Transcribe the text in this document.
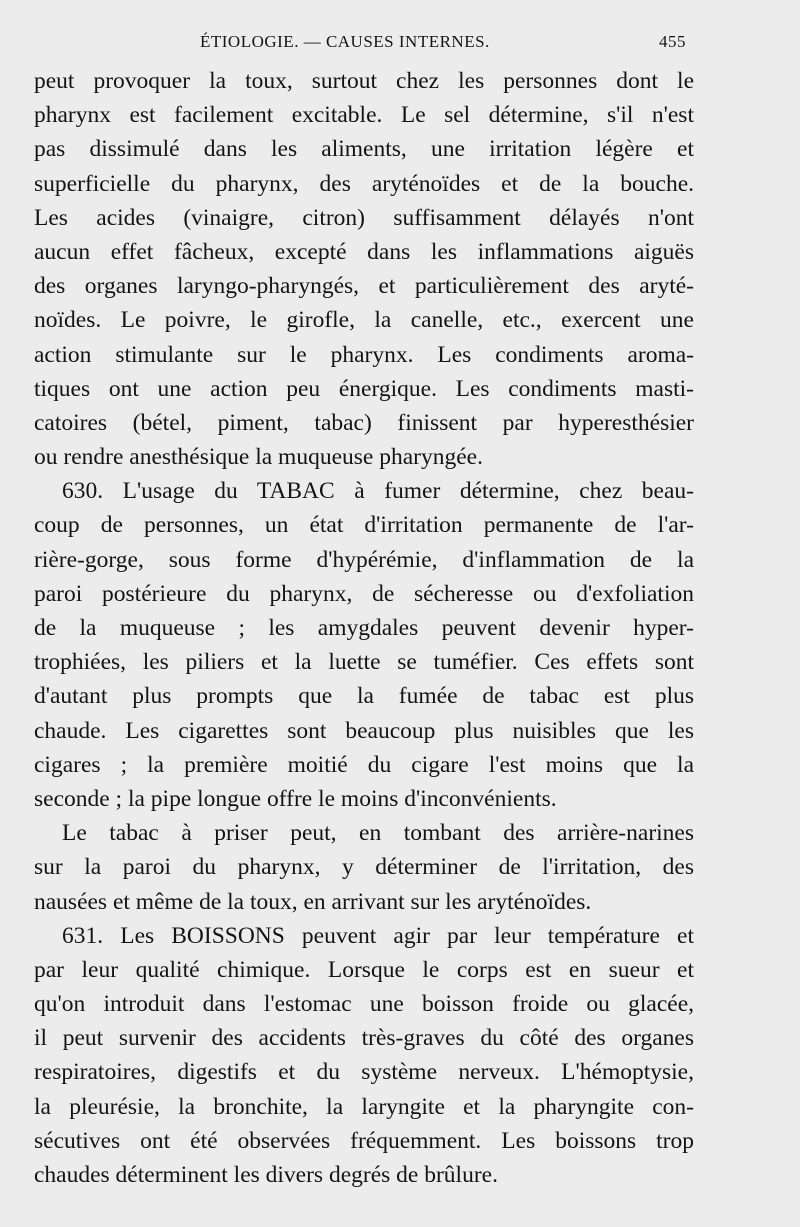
ÉTIOLOGIE. — CAUSES INTERNES.	455
peut provoquer la toux, surtout chez les personnes dont le
pharynx est facilement excitable. Le sel détermine, s'il n'est
pas dissimulé dans les aliments, une irritation légère et
superficielle du pharynx, des aryténoïdes et de la bouche.
Les acides (vinaigre, citron) suffisamment délayés n'ont
aucun effet fâcheux, excepté dans les inflammations aiguës
des organes laryngo-pharyngés, et particulièrement des aryté-
noïdes. Le poivre, le girofle, la canelle, etc., exercent une
action stimulante sur le pharynx. Les condiments aroma-
tiques ont une action peu énergique. Les condiments masti-
catoires (bétel, piment, tabac) finissent par hyperesthésier
ou rendre anesthésique la muqueuse pharyngée.
630. L'usage du TABAC à fumer détermine, chez beau-
coup de personnes, un état d'irritation permanente de l'ar-
rière-gorge, sous forme d'hypérémie, d'inflammation de la
paroi postérieure du pharynx, de sécheresse ou d'exfoliation
de la muqueuse ; les amygdales peuvent devenir hyper-
trophiées, les piliers et la luette se tuméfier. Ces effets sont
d'autant plus prompts que la fumée de tabac est plus
chaude. Les cigarettes sont beaucoup plus nuisibles que les
cigares ; la première moitié du cigare l'est moins que la
seconde ; la pipe longue offre le moins d'inconvénients.
Le tabac à priser peut, en tombant des arrière-narines
sur la paroi du pharynx, y déterminer de l'irritation, des
nausées et même de la toux, en arrivant sur les aryténoïdes.
631. Les BOISSONS peuvent agir par leur température et
par leur qualité chimique. Lorsque le corps est en sueur et
qu'on introduit dans l'estomac une boisson froide ou glacée,
il peut survenir des accidents très-graves du côté des organes
respiratoires, digestifs et du système nerveux. L'hémoptysie,
la pleurésie, la bronchite, la laryngite et la pharyngite con-
sécutives ont été observées fréquemment. Les boissons trop
chaudes déterminent les divers degrés de brûlure.
